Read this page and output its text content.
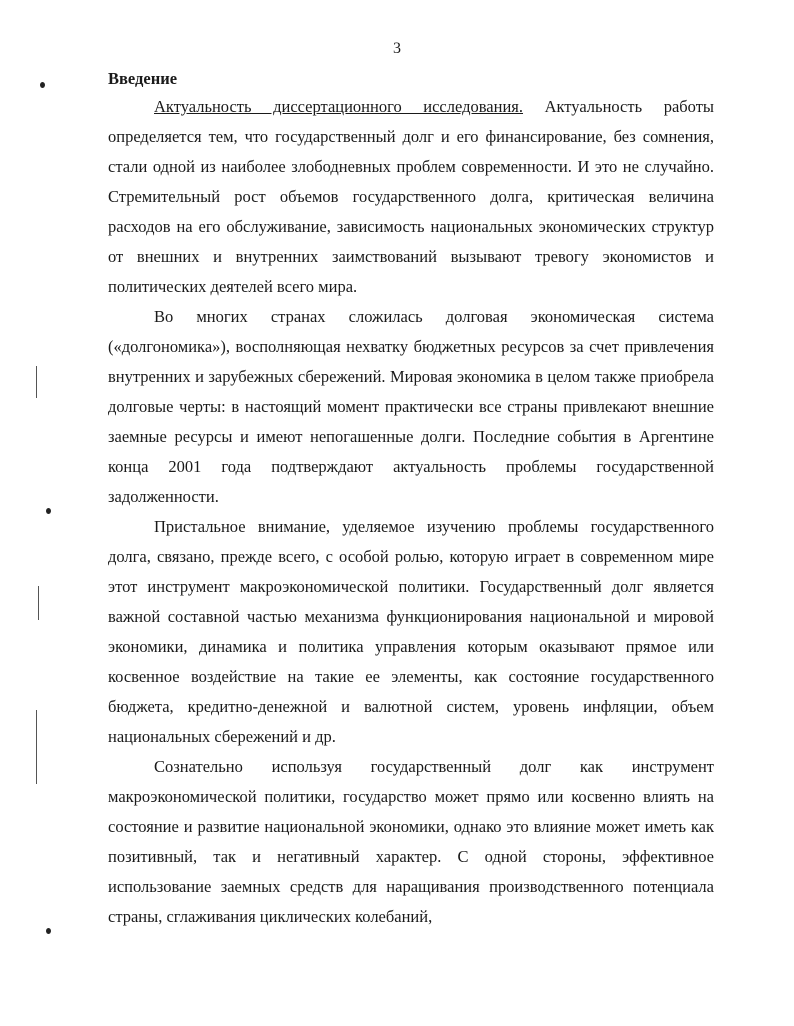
3

Введение

Актуальность диссертационного исследования. Актуальность работы определяется тем, что государственный долг и его финансирование, без сомнения, стали одной из наиболее злободневных проблем современности. И это не случайно. Стремительный рост объемов государственного долга, критическая величина расходов на его обслуживание, зависимость национальных экономических структур от внешних и внутренних заимствований вызывают тревогу экономистов и политических деятелей всего мира.

Во многих странах сложилась долговая экономическая система («долгономика»), восполняющая нехватку бюджетных ресурсов за счет привлечения внутренних и зарубежных сбережений. Мировая экономика в целом также приобрела долговые черты: в настоящий момент практически все страны привлекают внешние заемные ресурсы и имеют непогашенные долги. Последние события в Аргентине конца 2001 года подтверждают актуальность проблемы государственной задолженности.

Пристальное внимание, уделяемое изучению проблемы государственного долга, связано, прежде всего, с особой ролью, которую играет в современном мире этот инструмент макроэкономической политики. Государственный долг является важной составной частью механизма функционирования национальной и мировой экономики, динамика и политика управления которым оказывают прямое или косвенное воздействие на такие ее элементы, как состояние государственного бюджета, кредитно-денежной и валютной систем, уровень инфляции, объем национальных сбережений и др.

Сознательно используя государственный долг как инструмент макроэкономической политики, государство может прямо или косвенно влиять на состояние и развитие национальной экономики, однако это влияние может иметь как позитивный, так и негативный характер. С одной стороны, эффективное использование заемных средств для наращивания производственного потенциала страны, сглаживания циклических колебаний,
